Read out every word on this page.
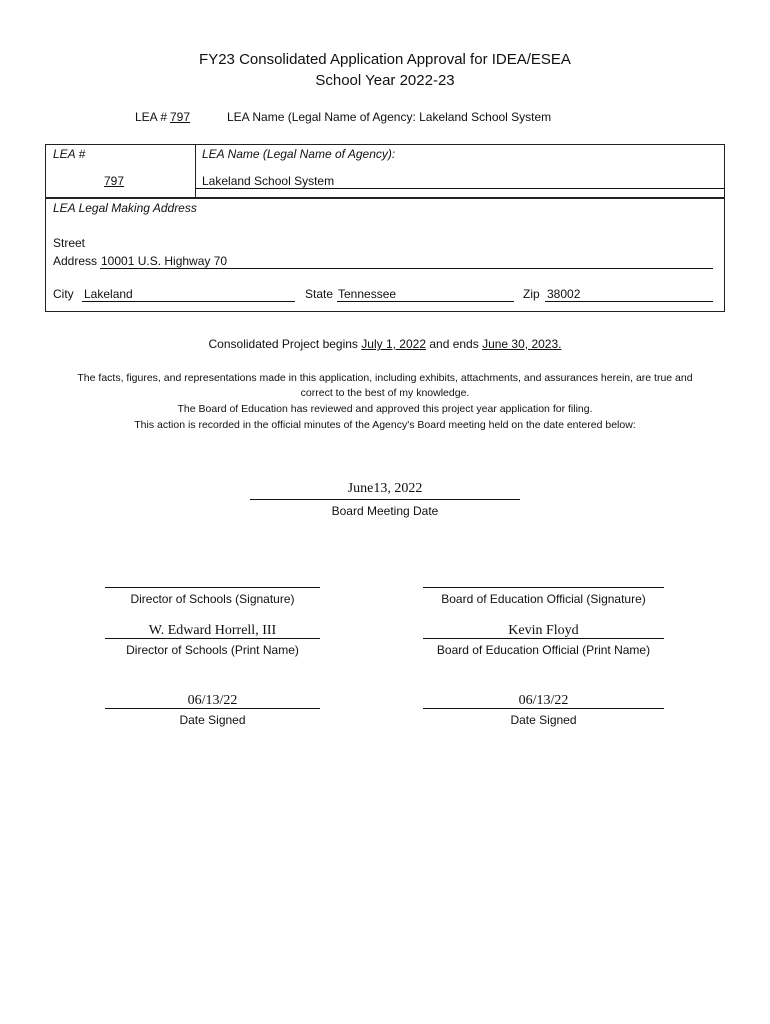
FY23 Consolidated Application Approval for IDEA/ESEA
School Year 2022-23
LEA # 797	LEA Name (Legal Name of Agency: Lakeland School System
LEA #
797
LEA Name (Legal Name of Agency):
Lakeland School System
LEA Legal Making Address
Street
Address 10001 U.S. Highway 70
City Lakeland	State Tennessee	Zip 38002
Consolidated Project begins July 1, 2022 and ends June 30, 2023.
The facts, figures, and representations made in this application, including exhibits, attachments, and assurances herein, are true and
correct to the best of my knowledge.
The Board of Education has reviewed and approved this project year application for filing.
This action is recorded in the official minutes of the Agency's Board meeting held on the date entered below:
June13, 2022
Board Meeting Date
Director of Schools (Signature)	Board of Education Official (Signature)
W. Edward Horrell, III
Director of Schools (Print Name)
Kevin Floyd
Board of Education Official (Print Name)
06/13/22
Date Signed
06/13/22
Date Signed
